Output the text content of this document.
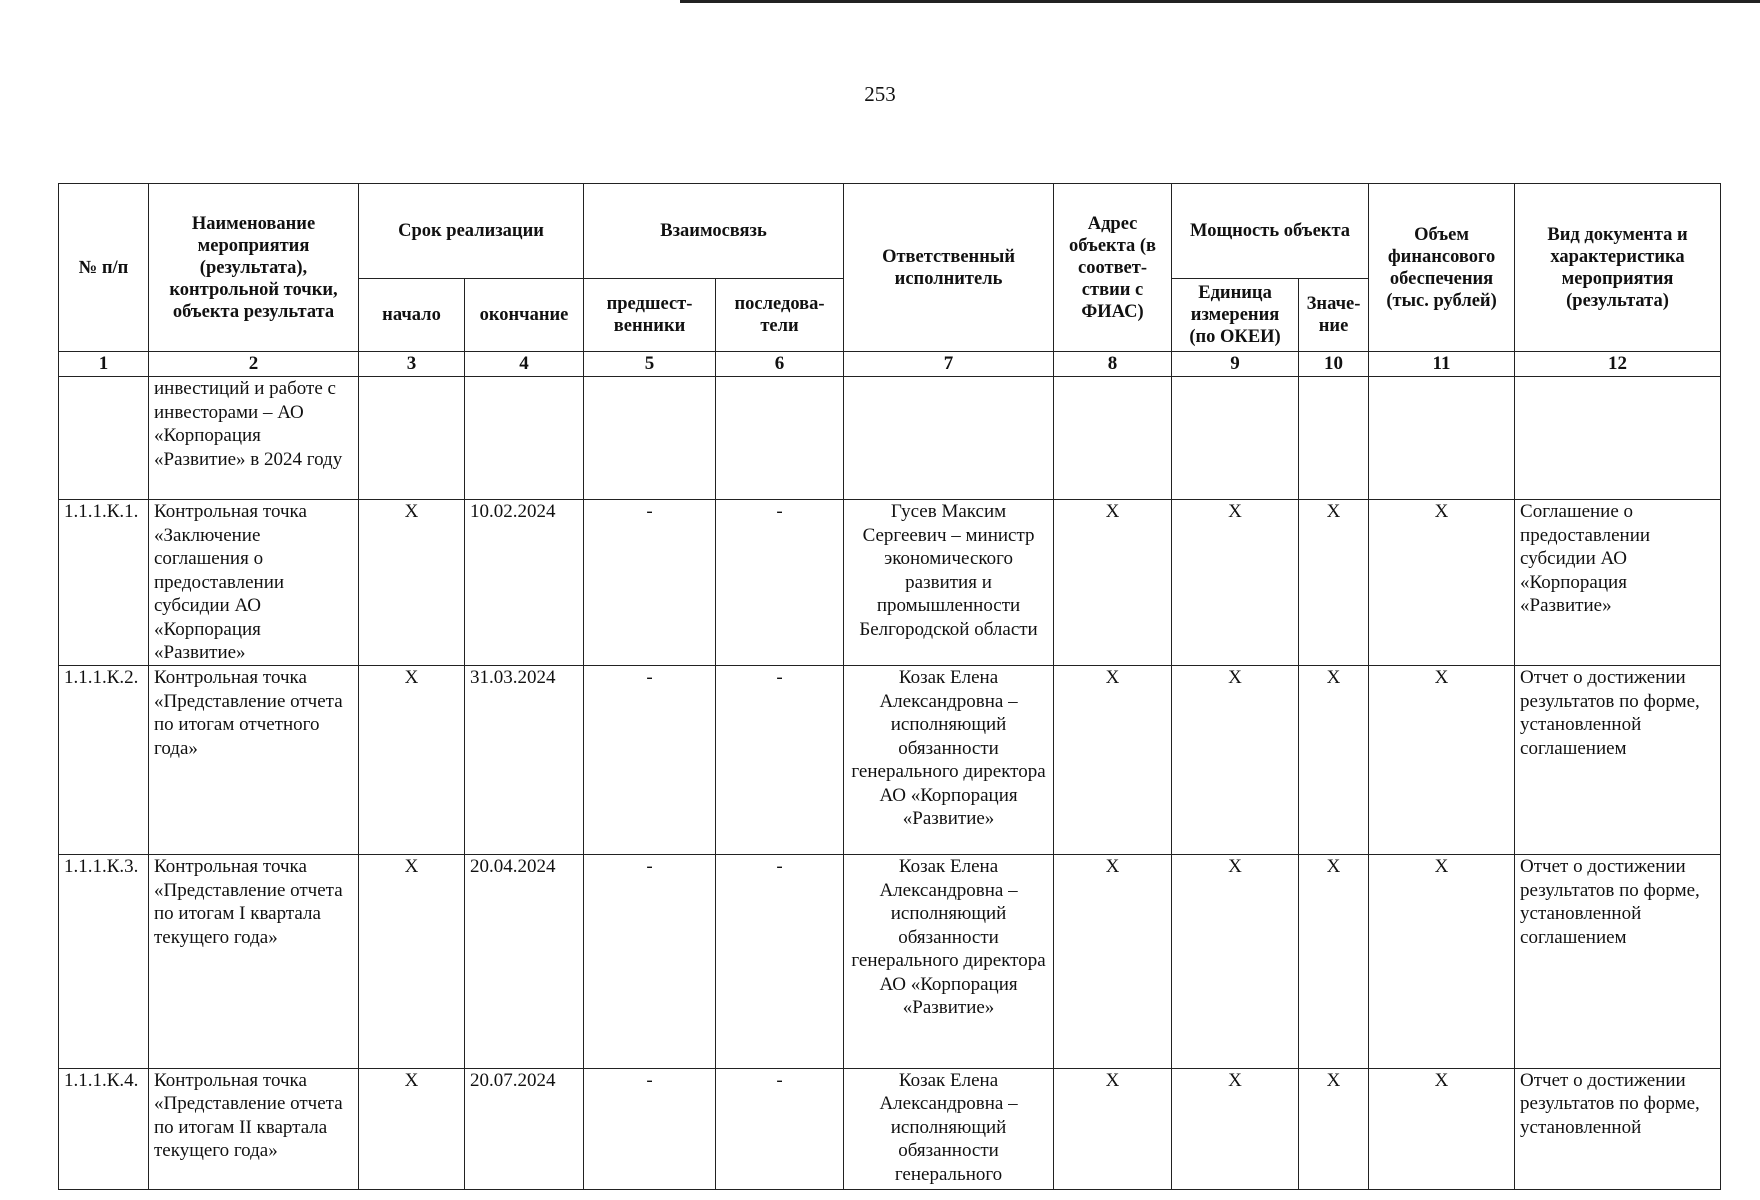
253
№ п/п	Наименование мероприятия (результата), контрольной точки, объекта результата	Срок реализации		Взаимосвязь		Ответственный исполнитель	Адрес объекта (в соответ-ствии с ФИАС)	Мощность объекта		Объем финансового обеспечения (тыс. рублей)	Вид документа и характеристика мероприятия (результата)
		начало	окончание	предшест-венники	последова-тели			Единица измерения (по ОКЕИ)	Значе-ние		
1	2	3	4	5	6	7	8	9	10	11	12
	инвестиций и работе с инвесторами – АО «Корпорация «Развитие» в 2024 году										
1.1.1.К.1.	Контрольная точка «Заключение соглашения о предоставлении субсидии АО «Корпорация «Развитие»	X	10.02.2024	-	-	Гусев Максим Сергеевич – министр экономического развития и промышленности Белгородской области	X	X	X	X	Соглашение о предоставлении субсидии АО «Корпорация «Развитие»
1.1.1.К.2.	Контрольная точка «Представление отчета по итогам отчетного года»	X	31.03.2024	-	-	Козак Елена Александровна – исполняющий обязанности генерального директора АО «Корпорация «Развитие»	X	X	X	X	Отчет о достижении результатов по форме, установленной соглашением
1.1.1.К.3.	Контрольная точка «Представление отчета по итогам I квартала текущего года»	X	20.04.2024	-	-	Козак Елена Александровна – исполняющий обязанности генерального директора АО «Корпорация «Развитие»	X	X	X	X	Отчет о достижении результатов по форме, установленной соглашением
1.1.1.К.4.	Контрольная точка «Представление отчета по итогам II квартала текущего года»	X	20.07.2024	-	-	Козак Елена Александровна – исполняющий обязанности генерального	X	X	X	X	Отчет о достижении результатов по форме, установленной
